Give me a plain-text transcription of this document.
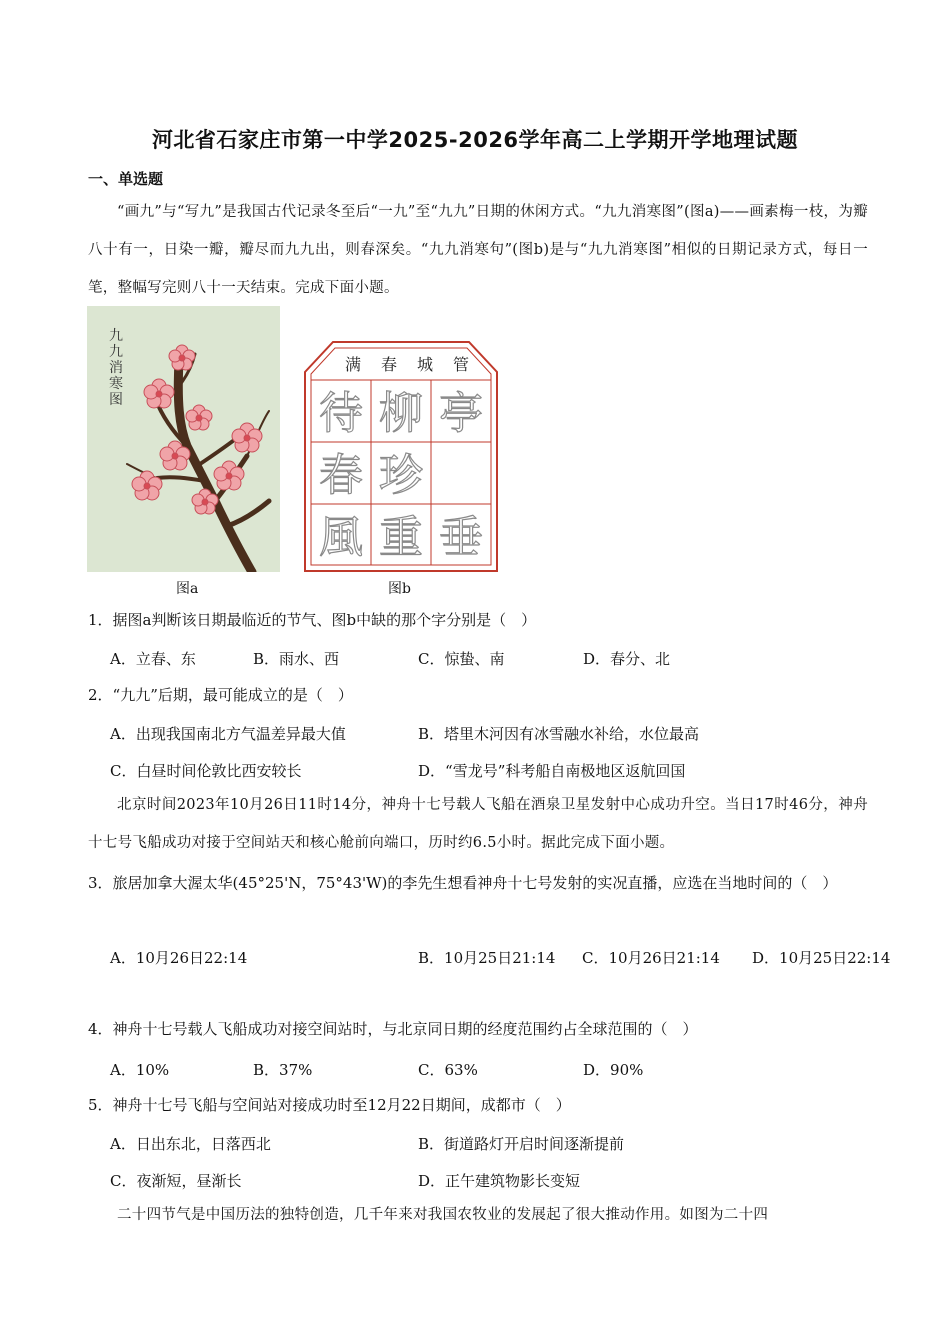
河北省石家庄市第一中学2025-2026学年高二上学期开学地理试题
一、单选题
“画九”与“写九”是我国古代记录冬至后“一九”至“九九”日期的休闲方式。“九九消寒图”(图a)——画素梅一枝，为瓣八十有一，日染一瓣，瓣尽而九九出，则春深矣。“九九消寒句”(图b)是与“九九消寒图”相似的日期记录方式，每日一笔，整幅写完则八十一天结束。完成下面小题。
九
九
消
寒
图
图a
满 春 城 管
待 柳 亭
春 珍
風 重 垂
图b
1．据图a判断该日期最临近的节气、图b中缺的那个字分别是（　）
A．立春、东	B．雨水、西	C．惊蛰、南	D．春分、北
2．“九九”后期，最可能成立的是（　）
A．出现我国南北方气温差异最大值	B．塔里木河因有冰雪融水补给，水位最高
C．白昼时间伦敦比西安较长	D．“雪龙号”科考船自南极地区返航回国
北京时间2023年10月26日11时14分，神舟十七号载人飞船在酒泉卫星发射中心成功升空。当日17时46分，神舟十七号飞船成功对接于空间站天和核心舱前向端口，历时约6.5小时。据此完成下面小题。
3．旅居加拿大渥太华(45°25'N，75°43'W)的李先生想看神舟十七号发射的实况直播，应选在当地时间的（　）
A．10月26日22:14	B．10月25日21:14 C．10月26日21:14 D．10月25日22:14
4．神舟十七号载人飞船成功对接空间站时，与北京同日期的经度范围约占全球范围的（　）
A．10%	B．37%	C．63%	D．90%
5．神舟十七号飞船与空间站对接成功时至12月22日期间，成都市（　）
A．日出东北，日落西北	B．街道路灯开启时间逐渐提前
C．夜渐短，昼渐长	D．正午建筑物影长变短
二十四节气是中国历法的独特创造，几千年来对我国农牧业的发展起了很大推动作用。如图为二十四
